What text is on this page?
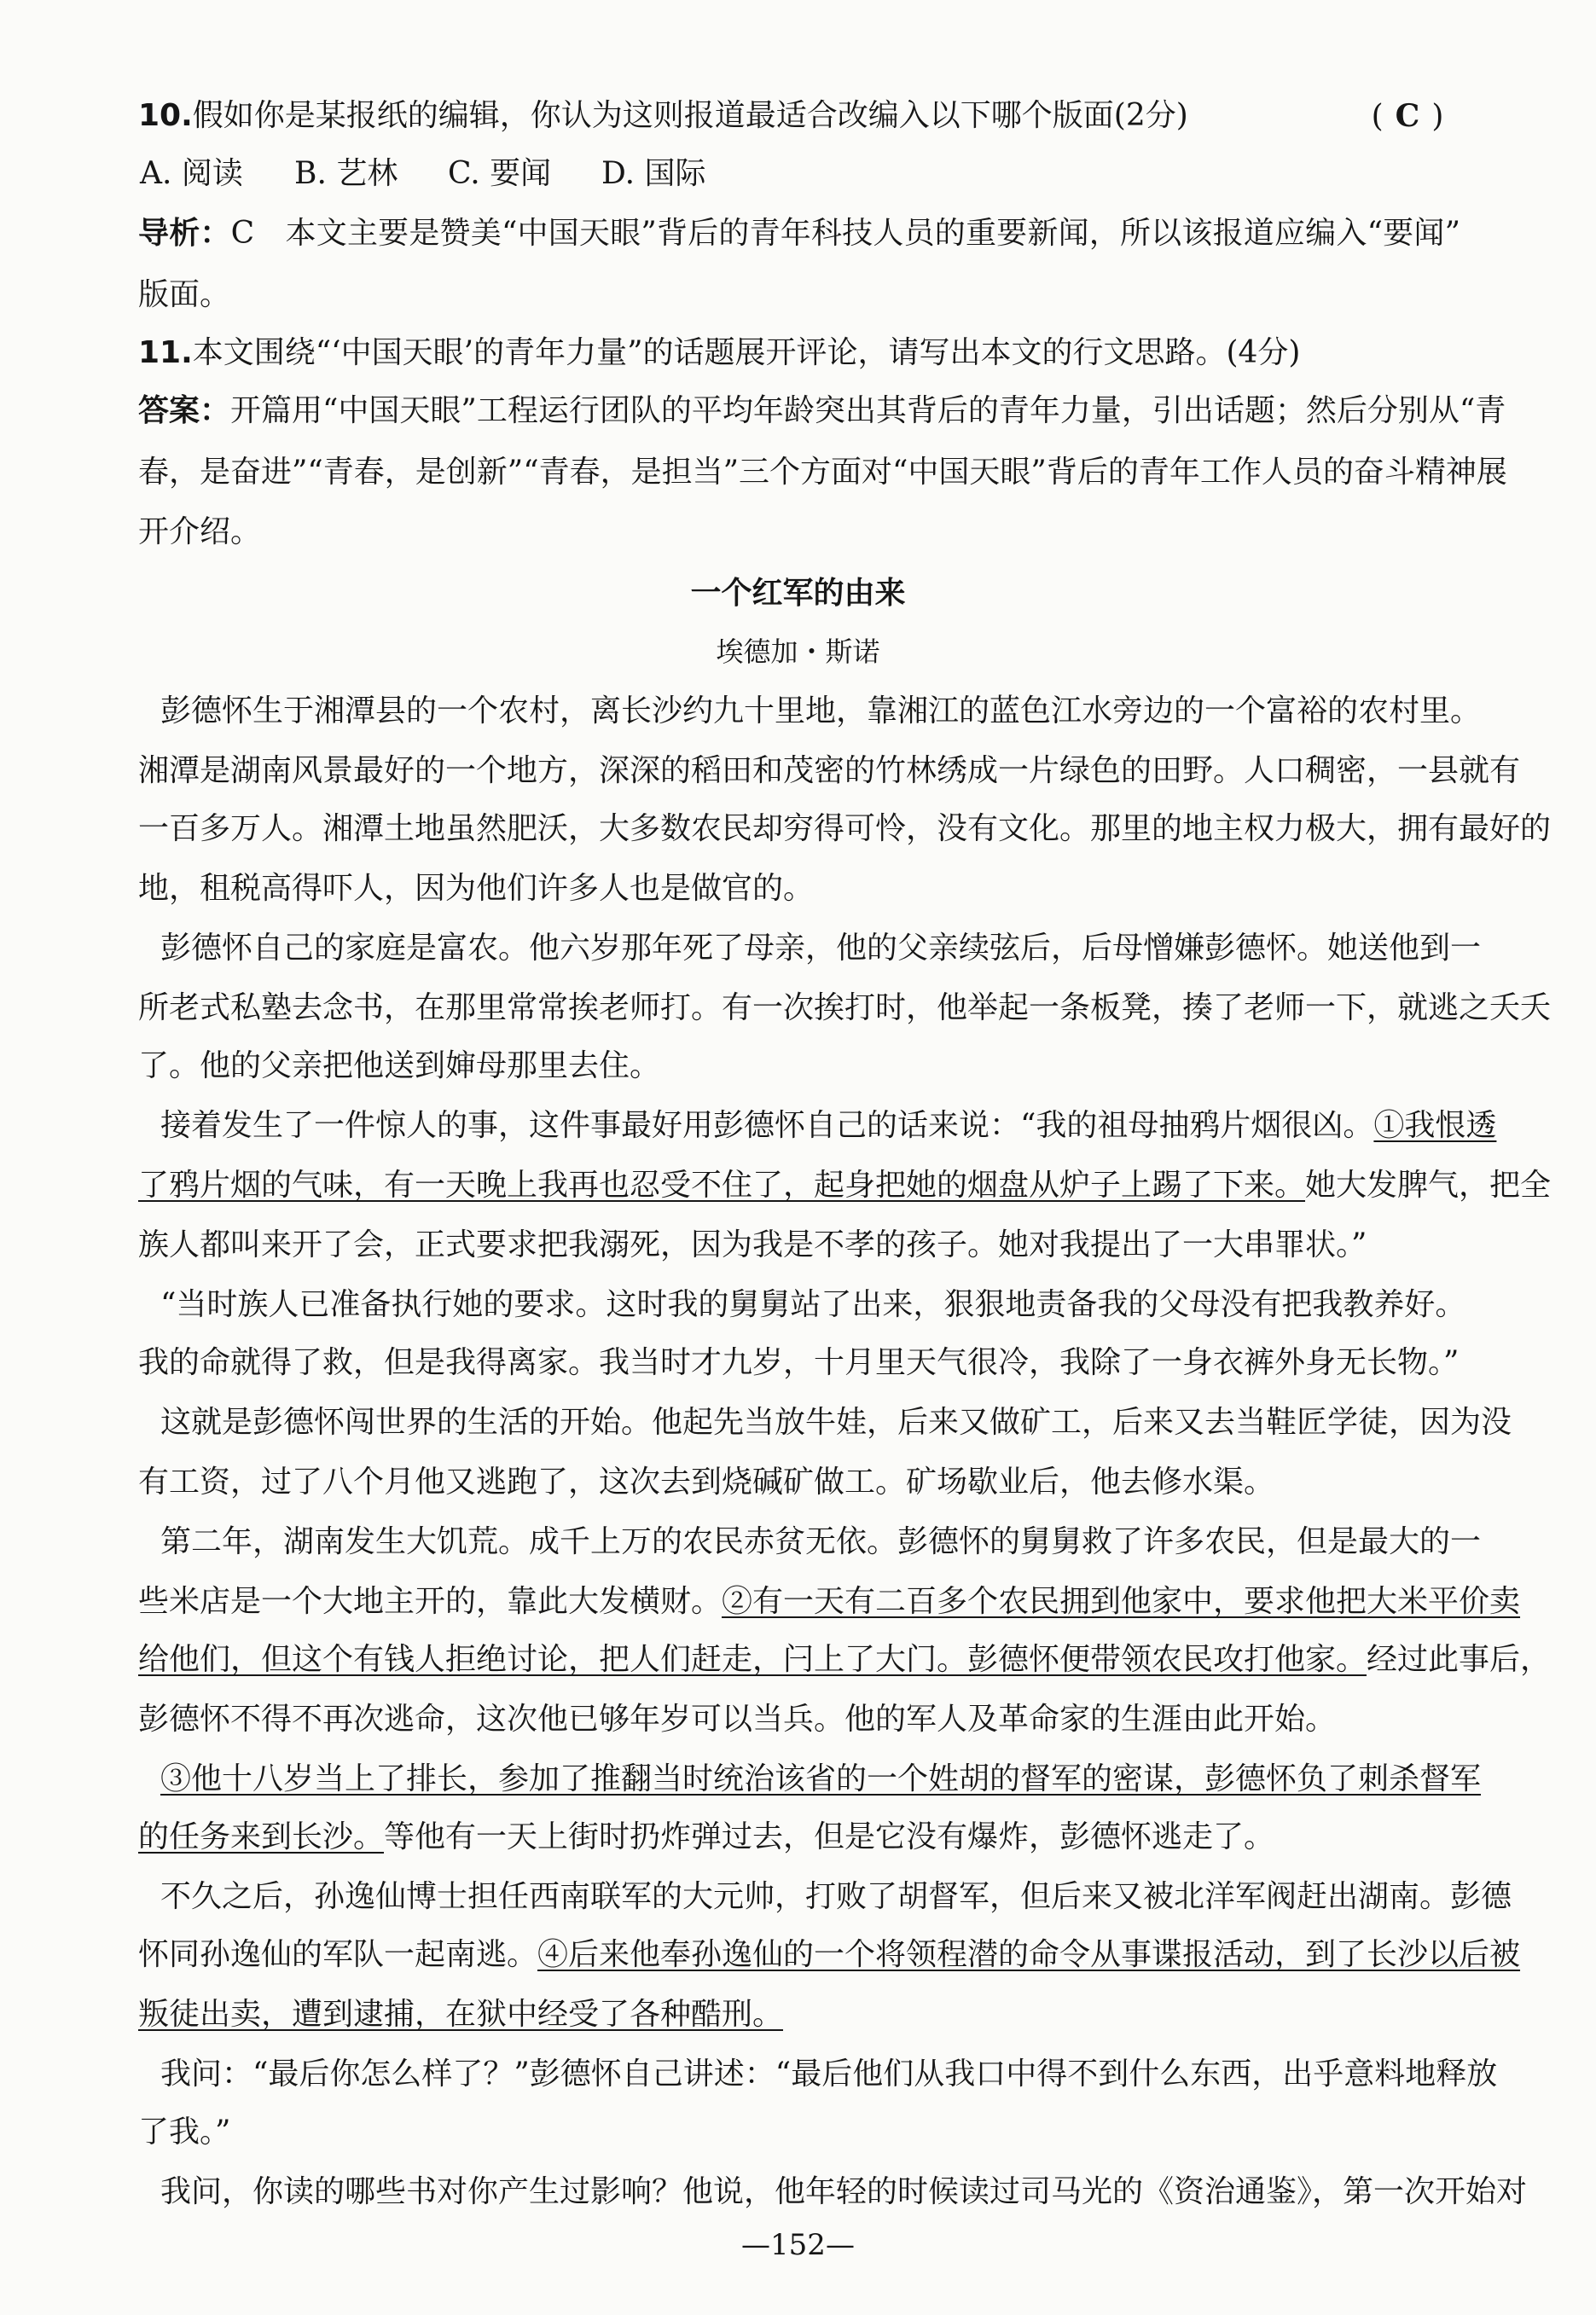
10.假如你是某报纸的编辑，你认为这则报道最适合改编入以下哪个版面(2分)	( C )
A. 阅读 B. 艺林 C. 要闻 D. 国际
导析：C　本文主要是赞美“中国天眼”背后的青年科技人员的重要新闻，所以该报道应编入“要闻”
版面。
11.本文围绕“‘中国天眼’的青年力量”的话题展开评论，请写出本文的行文思路。(4分)
答案：开篇用“中国天眼”工程运行团队的平均年龄突出其背后的青年力量，引出话题；然后分别从“青
春，是奋进”“青春，是创新”“青春，是担当”三个方面对“中国天眼”背后的青年工作人员的奋斗精神展
开介绍。
一个红军的由来
埃德加・斯诺
彭德怀生于湘潭县的一个农村，离长沙约九十里地，靠湘江的蓝色江水旁边的一个富裕的农村里。
湘潭是湖南风景最好的一个地方，深深的稻田和茂密的竹林绣成一片绿色的田野。人口稠密，一县就有
一百多万人。湘潭土地虽然肥沃，大多数农民却穷得可怜，没有文化。那里的地主权力极大，拥有最好的
地，租税高得吓人，因为他们许多人也是做官的。
彭德怀自己的家庭是富农。他六岁那年死了母亲，他的父亲续弦后，后母憎嫌彭德怀。她送他到一
所老式私塾去念书，在那里常常挨老师打。有一次挨打时，他举起一条板凳，揍了老师一下，就逃之夭夭
了。他的父亲把他送到婶母那里去住。
接着发生了一件惊人的事，这件事最好用彭德怀自己的话来说：“我的祖母抽鸦片烟很凶。①我恨透
了鸦片烟的气味，有一天晚上我再也忍受不住了，起身把她的烟盘从炉子上踢了下来。她大发脾气，把全
族人都叫来开了会，正式要求把我溺死，因为我是不孝的孩子。她对我提出了一大串罪状。”
“当时族人已准备执行她的要求。这时我的舅舅站了出来，狠狠地责备我的父母没有把我教养好。
我的命就得了救，但是我得离家。我当时才九岁，十月里天气很冷，我除了一身衣裤外身无长物。”
这就是彭德怀闯世界的生活的开始。他起先当放牛娃，后来又做矿工，后来又去当鞋匠学徒，因为没
有工资，过了八个月他又逃跑了，这次去到烧碱矿做工。矿场歇业后，他去修水渠。
第二年，湖南发生大饥荒。成千上万的农民赤贫无依。彭德怀的舅舅救了许多农民，但是最大的一
些米店是一个大地主开的，靠此大发横财。②有一天有二百多个农民拥到他家中，要求他把大米平价卖
给他们，但这个有钱人拒绝讨论，把人们赶走，闩上了大门。彭德怀便带领农民攻打他家。经过此事后，
彭德怀不得不再次逃命，这次他已够年岁可以当兵。他的军人及革命家的生涯由此开始。
③他十八岁当上了排长，参加了推翻当时统治该省的一个姓胡的督军的密谋，彭德怀负了刺杀督军
的任务来到长沙。等他有一天上街时扔炸弹过去，但是它没有爆炸，彭德怀逃走了。
不久之后，孙逸仙博士担任西南联军的大元帅，打败了胡督军，但后来又被北洋军阀赶出湖南。彭德
怀同孙逸仙的军队一起南逃。④后来他奉孙逸仙的一个将领程潜的命令从事谍报活动，到了长沙以后被
叛徒出卖，遭到逮捕，在狱中经受了各种酷刑。
我问：“最后你怎么样了？”彭德怀自己讲述：“最后他们从我口中得不到什么东西，出乎意料地释放
了我。”
我问，你读的哪些书对你产生过影响？他说，他年轻的时候读过司马光的《资治通鉴》，第一次开始对
—152—
